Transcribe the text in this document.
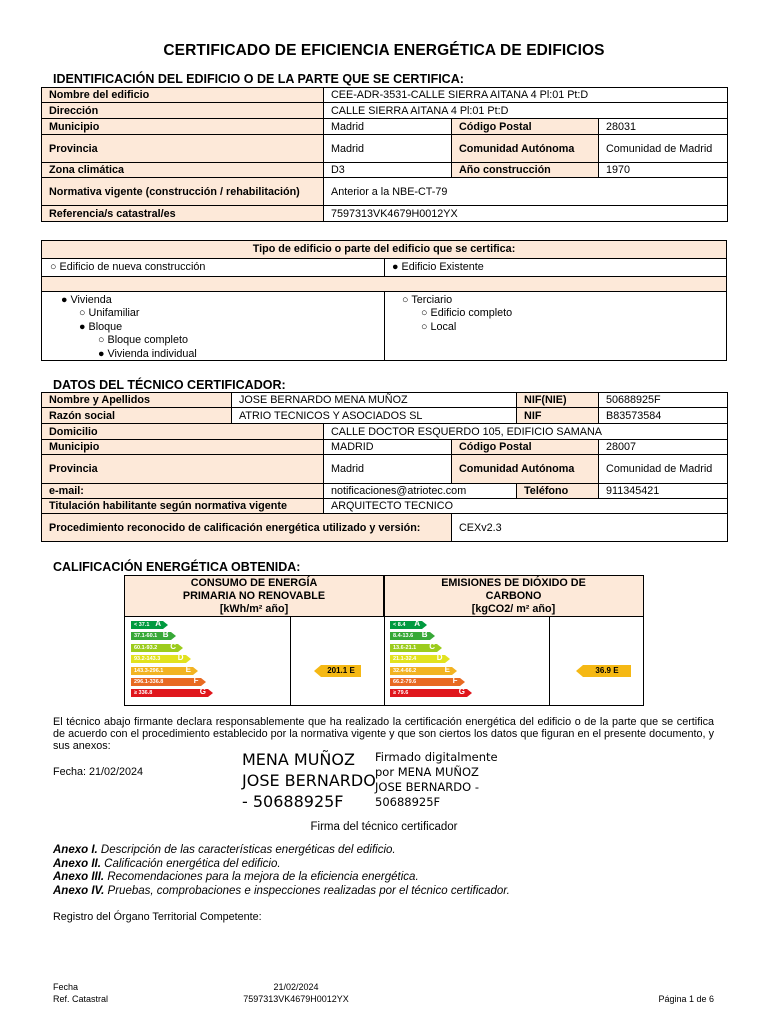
CERTIFICADO DE EFICIENCIA ENERGÉTICA DE EDIFICIOS
IDENTIFICACIÓN DEL EDIFICIO O DE LA PARTE QUE SE CERTIFICA:
Nombre del edificio	CEE-ADR-3531-CALLE SIERRA AITANA 4 Pl:01 Pt:D		
Dirección	CALLE SIERRA AITANA 4 Pl:01 Pt:D		
Municipio	Madrid	Código Postal	28031
Provincia	Madrid	Comunidad Autónoma	Comunidad de Madrid
Zona climática	D3	Año construcción	1970
Normativa vigente (construcción / rehabilitación)	Anterior a la NBE-CT-79		
Referencia/s catastral/es	7597313VK4679H0012YX		
Tipo de edificio o parte del edificio que se certifica:
○ Edificio de nueva construcción	● Edificio Existente
● Vivienda
○ Unifamiliar
● Bloque
○ Bloque completo
● Vivienda individual
○ Terciario
○ Edificio completo
○ Local
DATOS DEL TÉCNICO CERTIFICADOR:
Nombre y Apellidos	JOSE BERNARDO MENA MUÑOZ			NIF(NIE)	50688925F
Razón social	ATRIO TECNICOS Y ASOCIADOS SL			NIF	B83573584
Domicilio		CALLE DOCTOR ESQUERDO 105, EDIFICIO SAMANA			
Municipio		MADRID	Código Postal		28007
Provincia		Madrid	Comunidad Autónoma		Comunidad de Madrid
e-mail:		notificaciones@atriotec.com		Teléfono	911345421
Titulación habilitante según normativa vigente		ARQUITECTO TECNICO			
Procedimiento reconocido de calificación energética utilizado y versión:			CEXv2.3		
CALIFICACIÓN ENERGÉTICA OBTENIDA:
CONSUMO DE ENERGÍA
PRIMARIA NO RENOVABLE
[kWh/m² año]
EMISIONES DE DIÓXIDO DE
CARBONO
[kgCO2/ m² año]
< 37.1 A
37.1-60.1 B
60.1-93.2 C
93.2-143.3 D
143.3-296.1	E
296.1-336.8	F
≥ 336.8	G
< 8.4 A
8.4-13.6 B
13.6-21.1 C
21.1-32.4	D
32.4-66.2	E
66.2-79.6	F
≥ 79.6	G
201.1 E	36.9 E
El técnico abajo firmante declara responsablemente que ha realizado la certificación energética del edificio o de la parte que se certifica de acuerdo con el procedimiento establecido por la normativa vigente y que son ciertos los datos que figuran en el presente documento, y sus anexos:
Fecha: 21/02/2024
MENA MUÑOZ
JOSE BERNARDO
- 50688925F
Firmado digitalmente
por MENA MUÑOZ
JOSE BERNARDO -
50688925F
Firma del técnico certificador
Anexo I. Descripción de las características energéticas del edificio.
Anexo II. Calificación energética del edificio.
Anexo III. Recomendaciones para la mejora de la eficiencia energética.
Anexo IV. Pruebas, comprobaciones e inspecciones realizadas por el técnico certificador.
Registro del Órgano Territorial Competente:
Fecha
Ref. Catastral
21/02/2024
7597313VK4679H0012YX	Página 1 de 6
